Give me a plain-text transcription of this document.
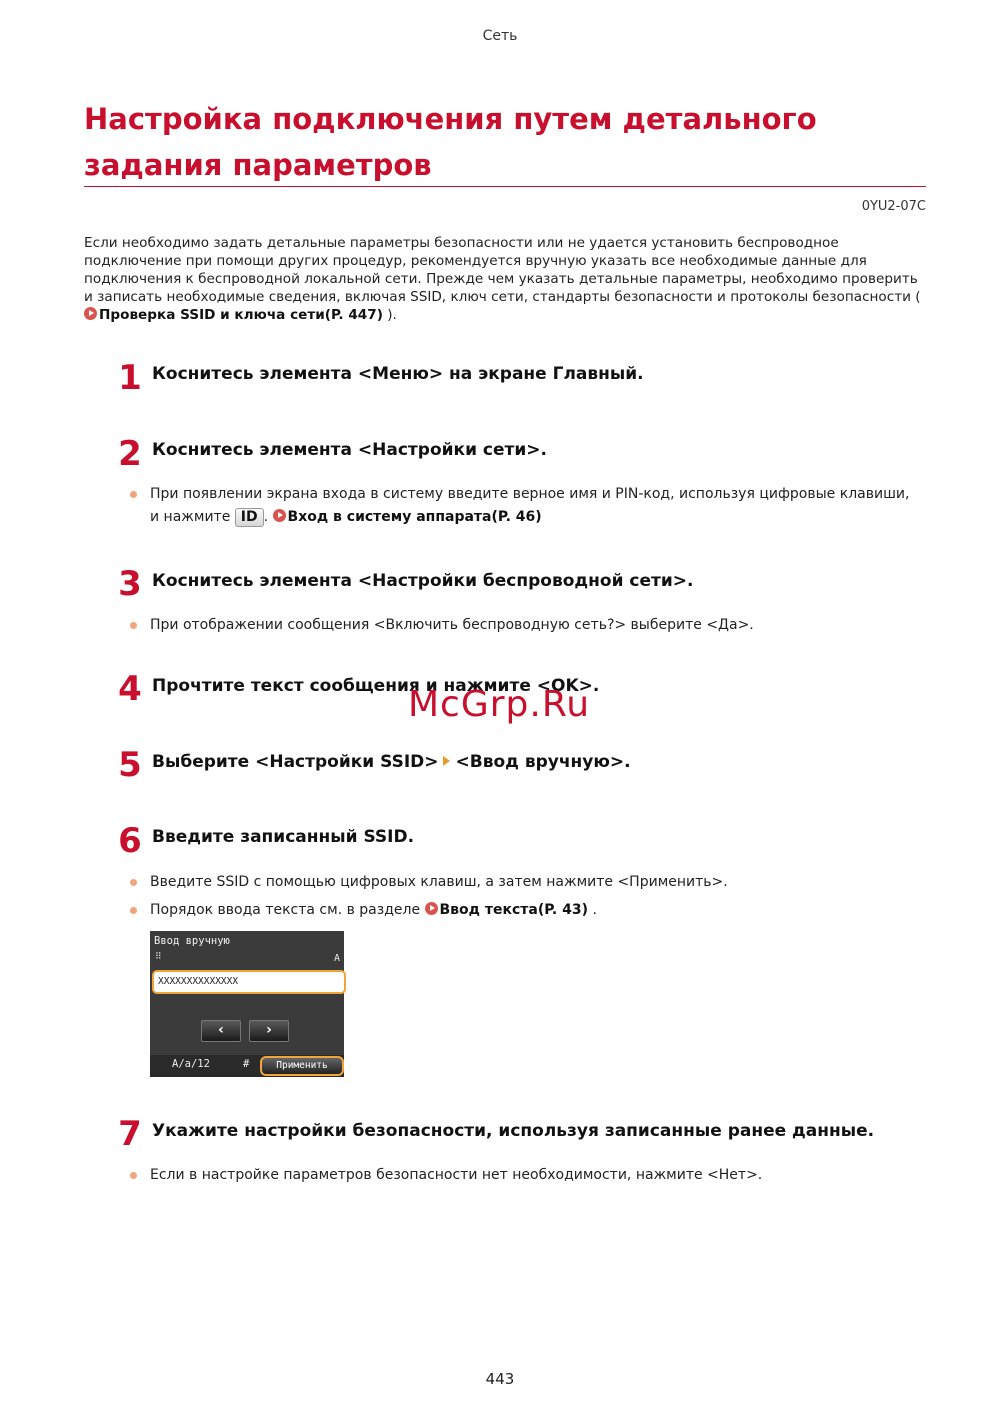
Сеть
Настройка подключения путем детального задания параметров
0YU2-07C

Если необходимо задать детальные параметры безопасности или не удается установить беспроводное подключение при помощи других процедур, рекомендуется вручную указать все необходимые данные для подключения к беспроводной локальной сети. Прежде чем указать детальные параметры, необходимо проверить и записать необходимые сведения, включая SSID, ключ сети, стандарты безопасности и протоколы безопасности ( Проверка SSID и ключа сети(P. 447) ).

1 Коснитесь элемента <Меню> на экране Главный.
2 Коснитесь элемента <Настройки сети>.
При появлении экрана входа в систему введите верное имя и PIN-код, используя цифровые клавиши,
и нажмите ID . Вход в систему аппарата(P. 46)
3 Коснитесь элемента <Настройки беспроводной сети>.
При отображении сообщения <Включить беспроводную сеть?> выберите <Да>.
4 Прочтите текст сообщения и нажмите <OK>.
McGrp.Ru
5 Выберите <Настройки SSID> <Ввод вручную>.
6 Введите записанный SSID.
Введите SSID с помощью цифровых клавиш, а затем нажмите <Применить>.
Порядок ввода текста см. в разделе Ввод текста(P. 43) .
Ввод вручную
⠿	A
XXXXXXXXXXXXXX
‹	›
A/a/12	#	Применить
7 Укажите настройки безопасности, используя записанные ранее данные.
Если в настройке параметров безопасности нет необходимости, нажмите <Нет>.
443
